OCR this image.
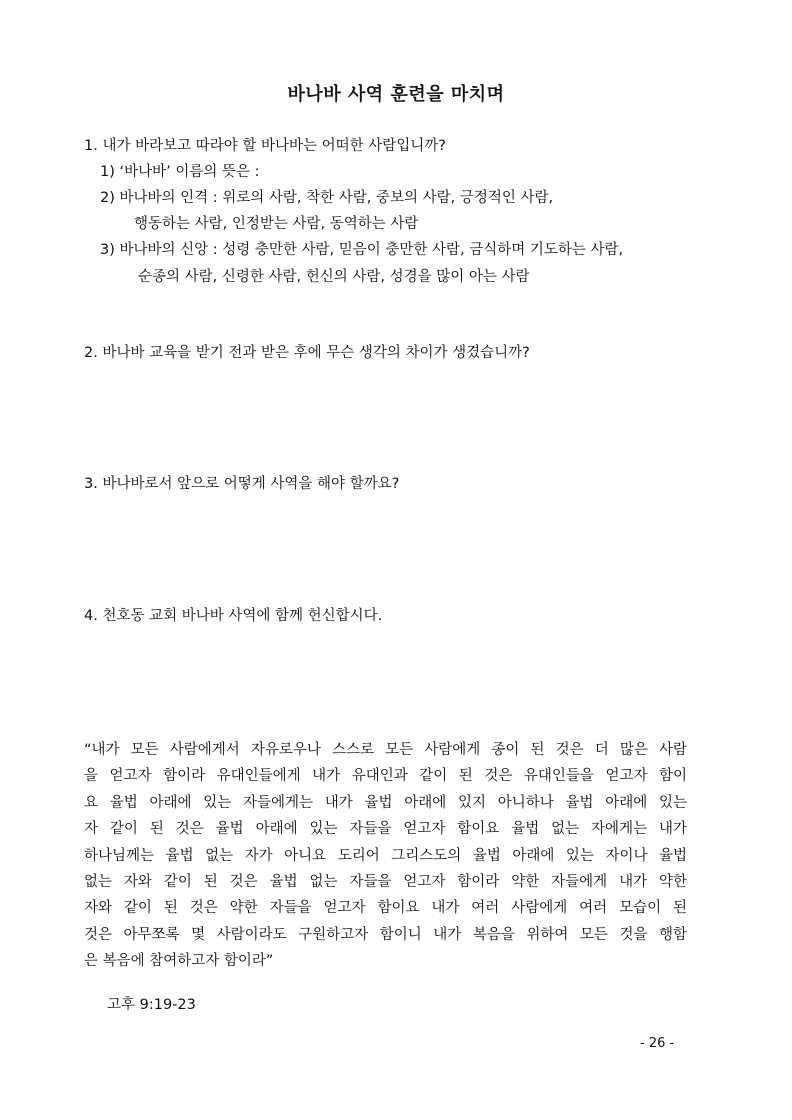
바나바 사역 훈련을 마치며
1. 내가 바라보고 따라야 할 바나바는 어떠한 사람입니까?
1) ‘바나바’ 이름의 뜻은 :
2) 바나바의 인격 : 위로의 사람, 착한 사람, 중보의 사람, 긍정적인 사람,
행동하는 사람, 인정받는 사람, 동역하는 사람
3) 바나바의 신앙 : 성령 충만한 사람, 믿음이 충만한 사람, 금식하며 기도하는 사람,
순종의 사람, 신령한 사람, 헌신의 사람, 성경을 많이 아는 사람
2. 바나바 교육을 받기 전과 받은 후에 무슨 생각의 차이가 생겼습니까?
3. 바나바로서 앞으로 어떻게 사역을 해야 할까요?
4. 천호동 교회 바나바 사역에 함께 헌신합시다.
“내가 모든 사람에게서 자유로우나 스스로 모든 사람에게 종이 된 것은 더 많은 사람
을 얻고자 함이라 유대인들에게 내가 유대인과 같이 된 것은 유대인들을 얻고자 함이
요 율법 아래에 있는 자들에게는 내가 율법 아래에 있지 아니하나 율법 아래에 있는
자 같이 된 것은 율법 아래에 있는 자들을 얻고자 함이요 율법 없는 자에게는 내가
하나님께는 율법 없는 자가 아니요 도리어 그리스도의 율법 아래에 있는 자이나 율법
없는 자와 같이 된 것은 율법 없는 자들을 얻고자 함이라 약한 자들에게 내가 약한
자와 같이 된 것은 약한 자들을 얻고자 함이요 내가 여러 사람에게 여러 모습이 된
것은 아무쪼록 몇 사람이라도 구원하고자 함이니 내가 복음을 위하여 모든 것을 행함
은 복음에 참여하고자 함이라”
고후 9:19-23
- 26 -
